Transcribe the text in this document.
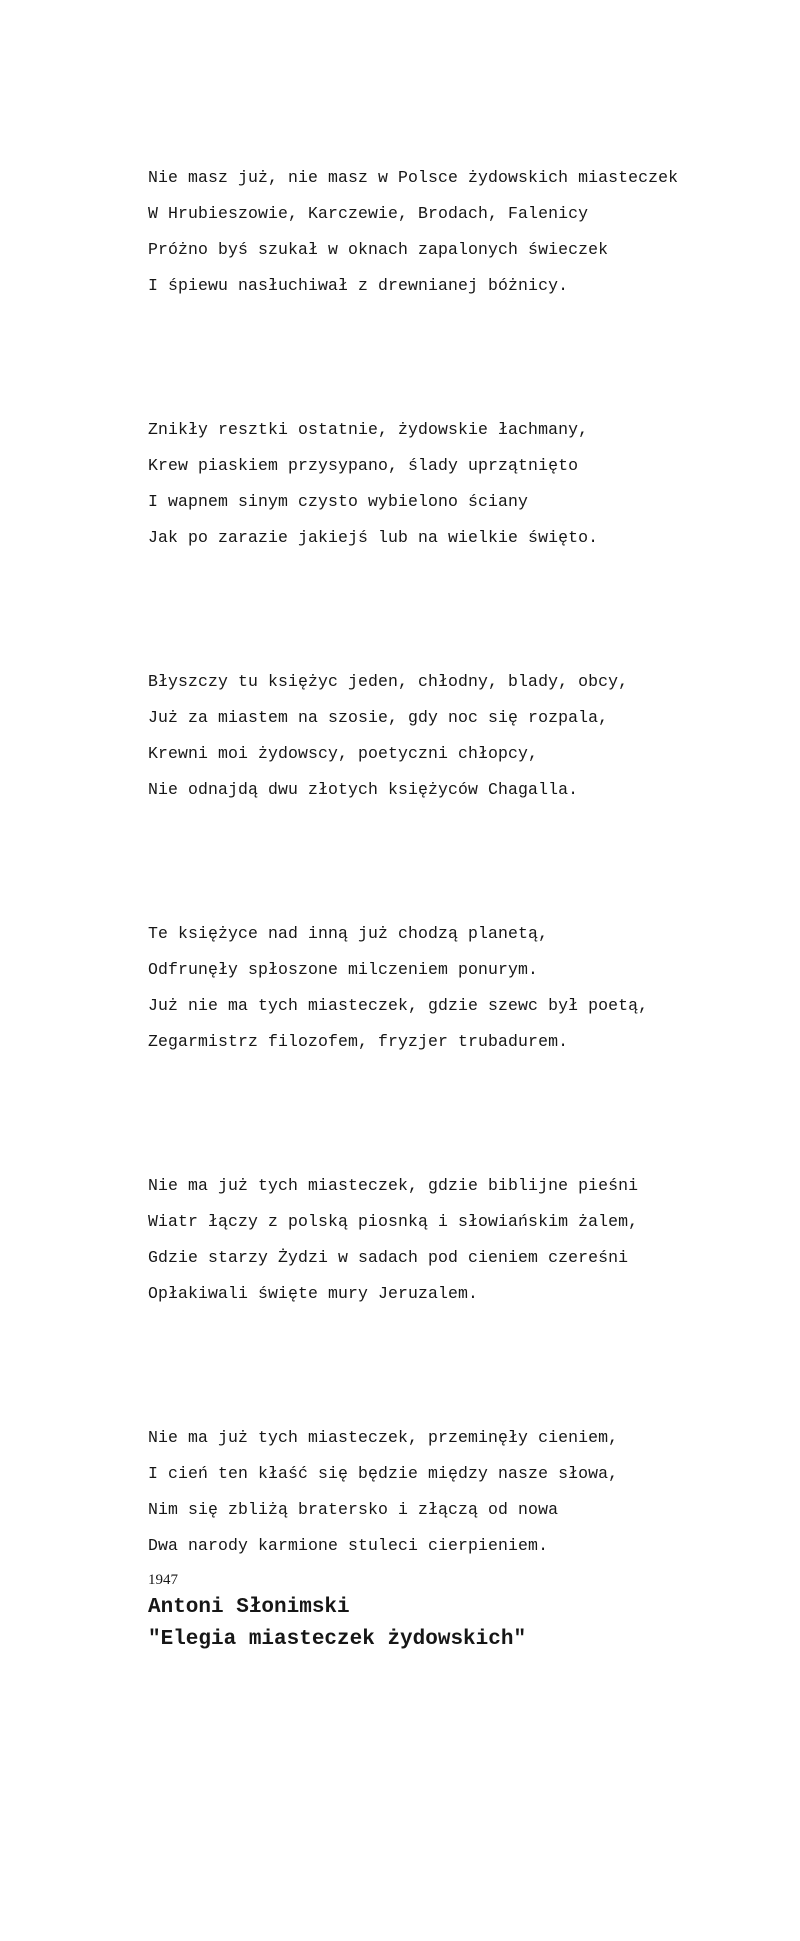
Nie masz już, nie masz w Polsce żydowskich miasteczek
W Hrubieszowie, Karczewie, Brodach, Falenicy
Próżno byś szukał w oknach zapalonych świeczek
I śpiewu nasłuchiwał z drewnianej bóżnicy.
Znikły resztki ostatnie, żydowskie łachmany,
Krew piaskiem przysypano, ślady uprzątnięto
I wapnem sinym czysto wybielono ściany
Jak po zarazie jakiejś lub na wielkie święto.
Błyszczy tu księżyc jeden, chłodny, blady, obcy,
Już za miastem na szosie, gdy noc się rozpala,
Krewni moi żydowscy, poetyczni chłopcy,
Nie odnajdą dwu złotych księżyców Chagalla.
Te księżyce nad inną już chodzą planetą,
Odfrunęły spłoszone milczeniem ponurym.
Już nie ma tych miasteczek, gdzie szewc był poetą,
Zegarmistrz filozofem, fryzjer trubadurem.
Nie ma już tych miasteczek, gdzie biblijne pieśni
Wiatr łączy z polską piosnką i słowiańskim żalem,
Gdzie starzy Żydzi w sadach pod cieniem czereśni
Opłakiwali święte mury Jeruzalem.
Nie ma już tych miasteczek, przeminęły cieniem,
I cień ten kłaść się będzie między nasze słowa,
Nim się zbliżą bratersko i złączą od nowa
Dwa narody karmione stuleci cierpieniem.
1947
Antoni Słonimski
"Elegia miasteczek żydowskich"
